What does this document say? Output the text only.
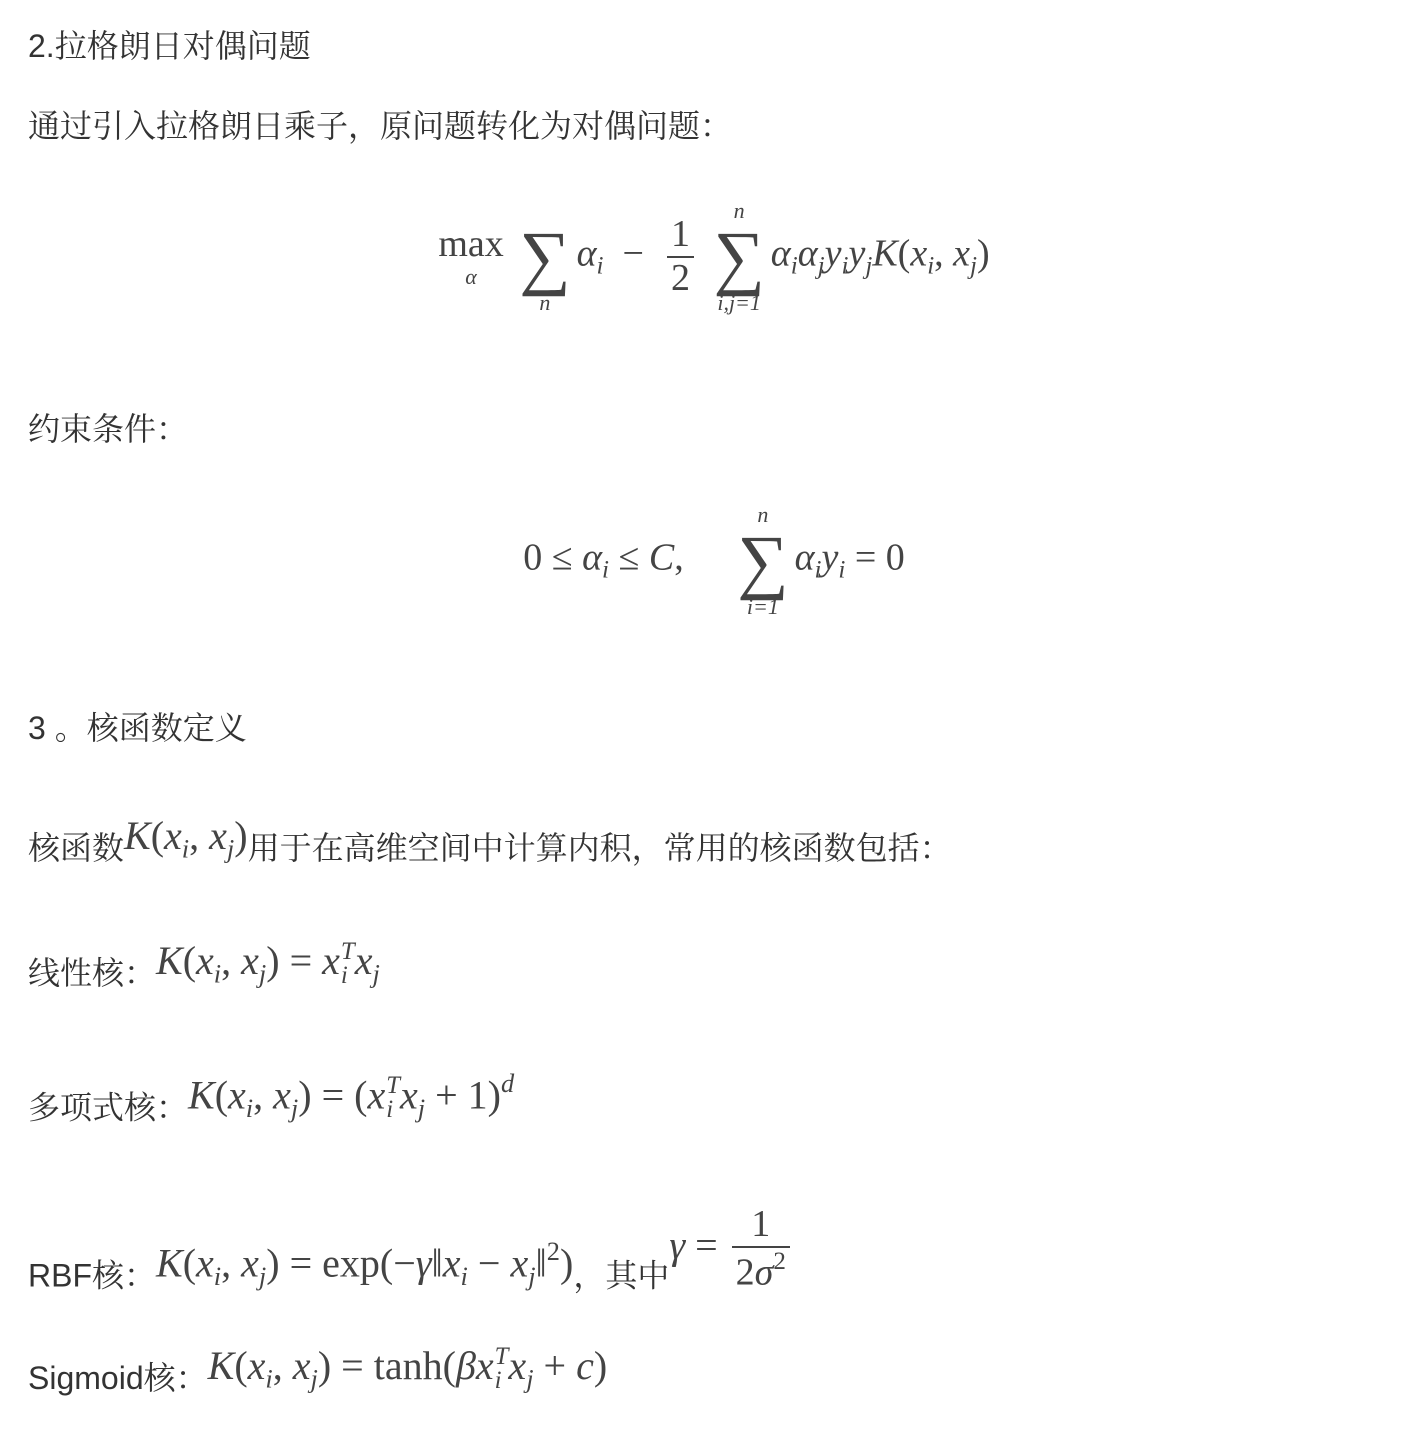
2.拉格朗日对偶问题
通过引入拉格朗日乘子，原问题转化为对偶问题：
max
α

∑
n
$\alpha_i - \frac{1}{2}$

n
∑
i,j=1
$\alpha_i\alpha_jy_iy_jK(x_i$, $x_j$)
约束条件：
$0 \le \alpha_i \le C$,
n
∑
i=1
$\alpha_iy_i = 0$
3 。核函数定义
核函数$K(x_i$, $x_j$)用于在高维空间中计算内积，常用的核函数包括：
线性核：$K(x_i$, $x_j) = x$ T
i $x_j$
多项式核：$K(x_i$, $x_j) = (x$ T
i $x_j + 1)^d$
RBF核：$K(x_i$, $x_j$) = $\exp(-\gamma‖x_i$ − $x_j‖^2$)，其中$\gamma = \frac{1}{2\sigma^2}$
Sigmoid核：$K(x_i$, $x_j) = \tanh(\beta x$ T
i $x_j + c$)
